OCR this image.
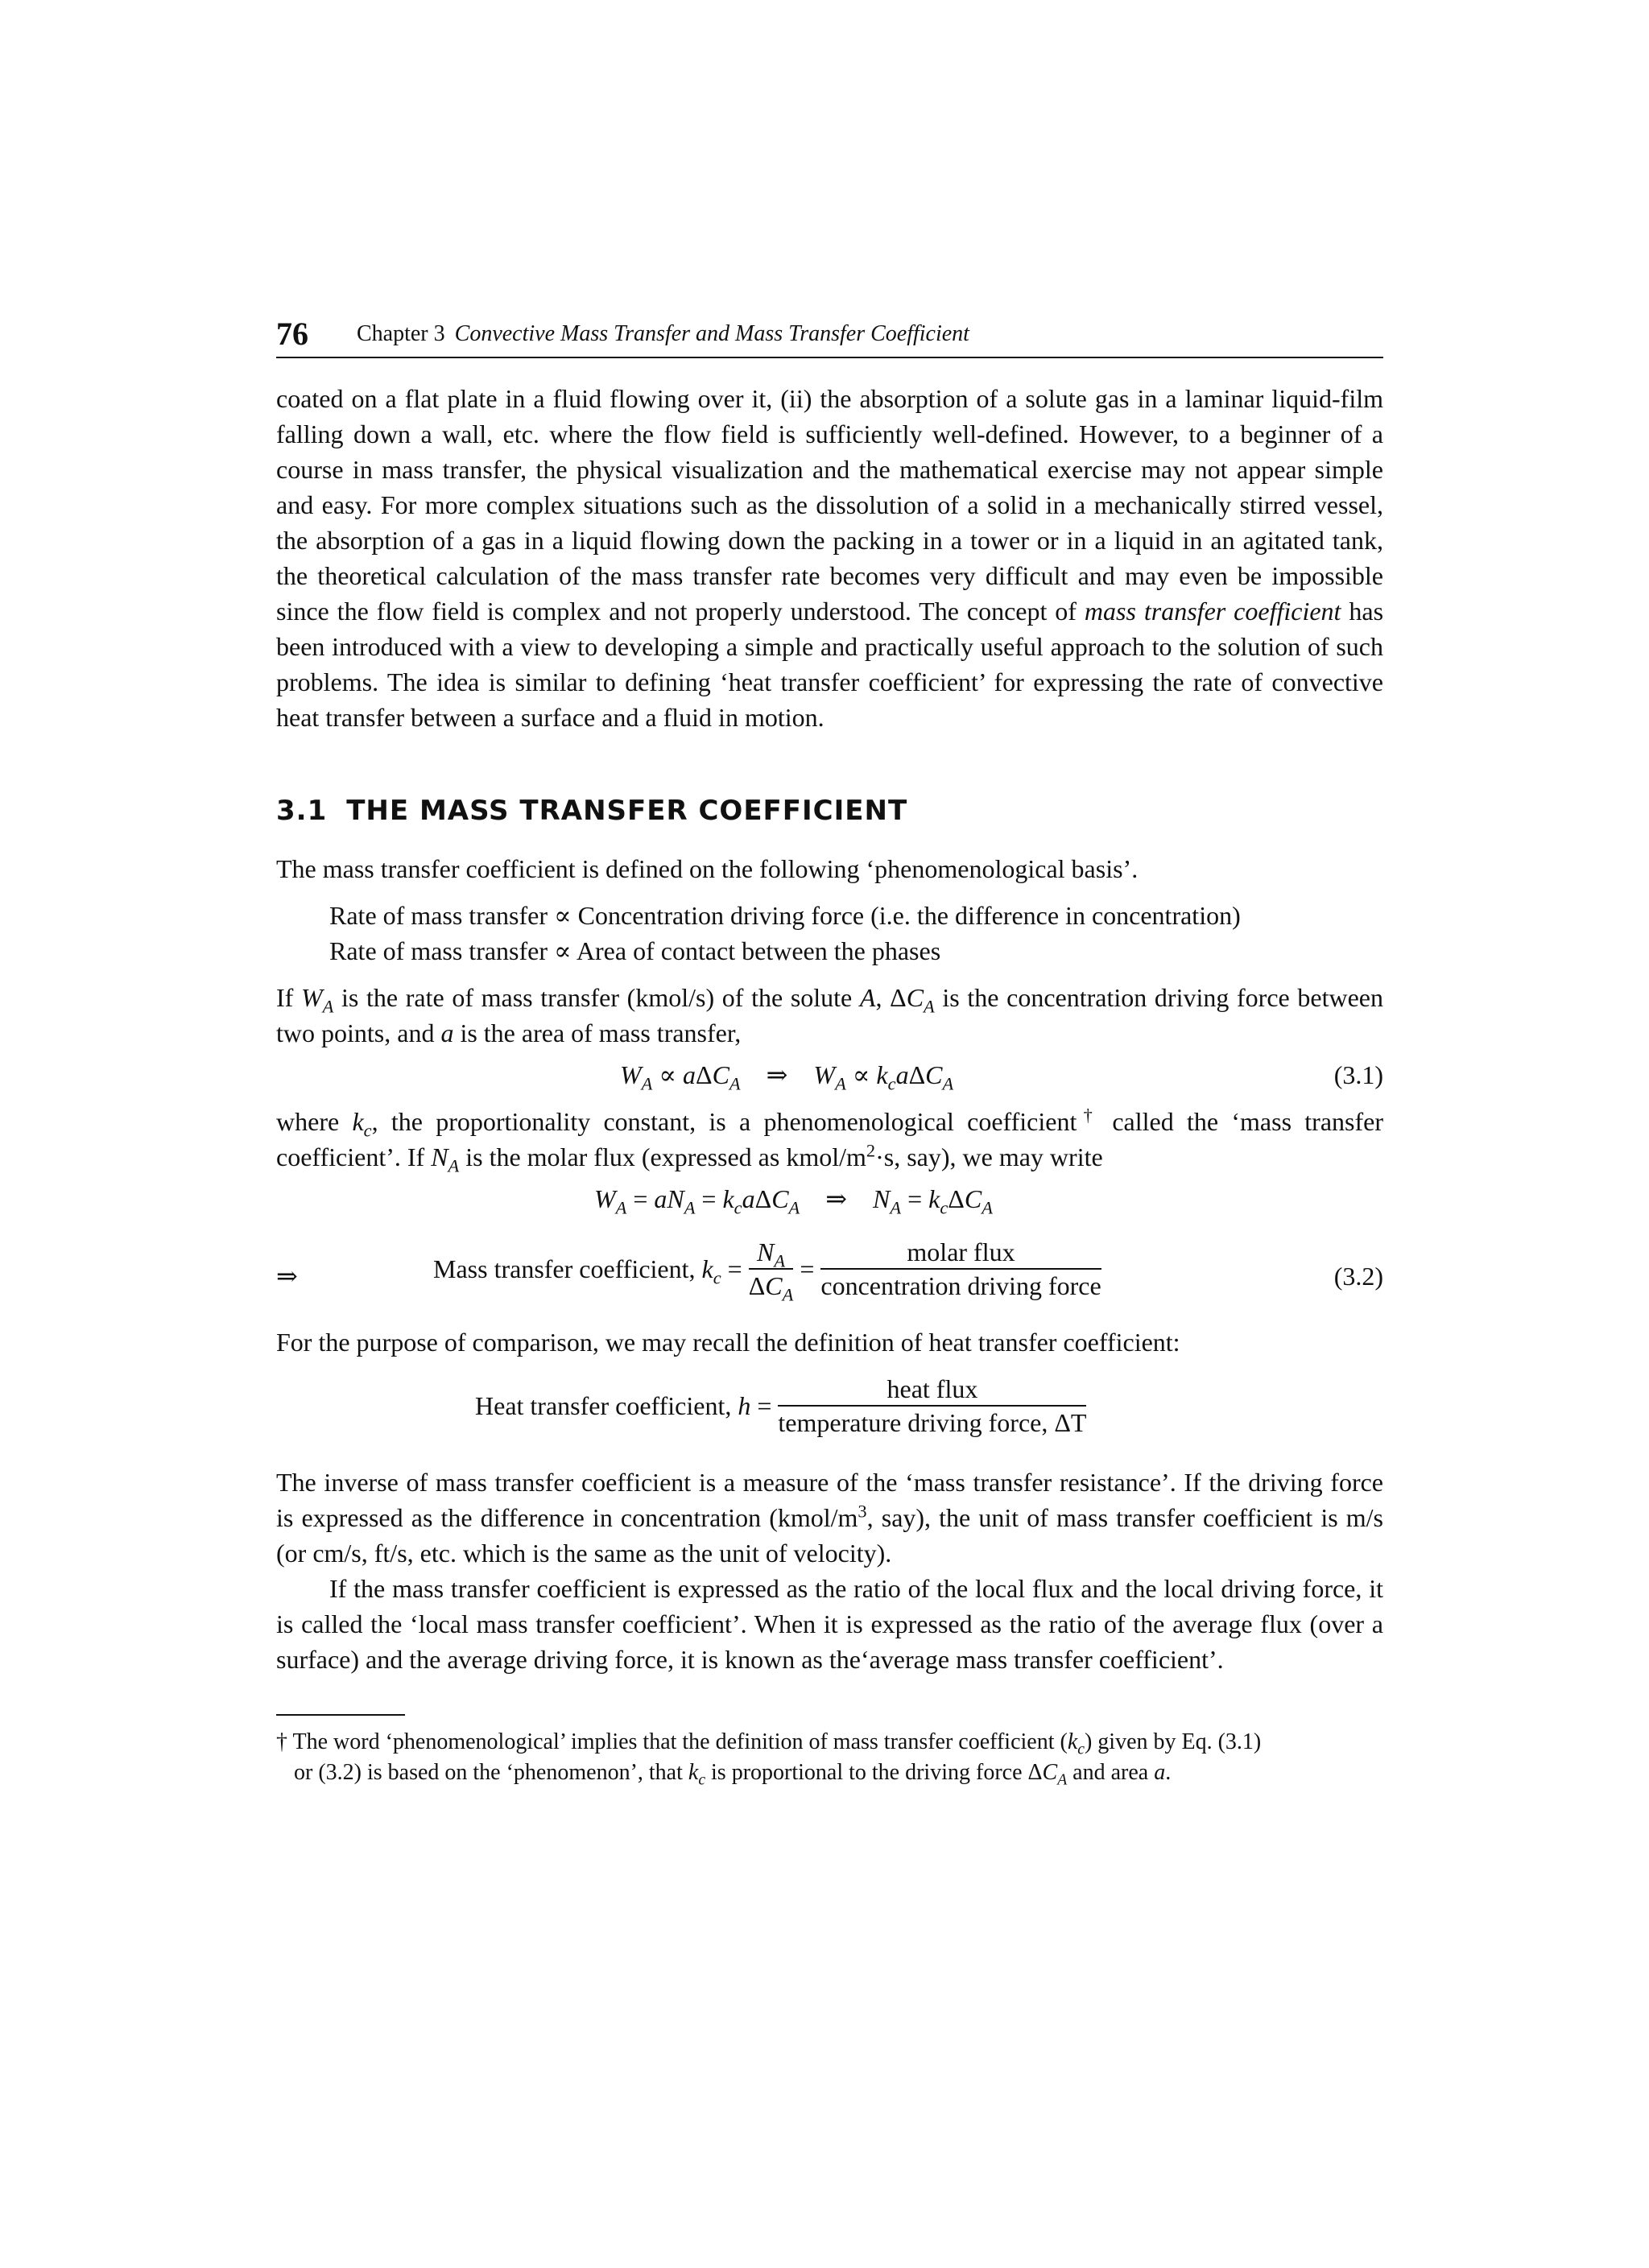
76 Chapter 3 Convective Mass Transfer and Mass Transfer Coefficient

coated on a flat plate in a fluid flowing over it, (ii) the absorption of a solute gas in a laminar liquid-film falling down a wall, etc. where the flow field is sufficiently well-defined. However, to a beginner of a course in mass transfer, the physical visualization and the mathematical exercise may not appear simple and easy. For more complex situations such as the dissolution of a solid in a mechanically stirred vessel, the absorption of a gas in a liquid flowing down the packing in a tower or in a liquid in an agitated tank, the theoretical calculation of the mass transfer rate becomes very difficult and may even be impossible since the flow field is complex and not properly understood. The concept of mass transfer coefficient has been introduced with a view to developing a simple and practically useful approach to the solution of such problems. The idea is similar to defining ‘heat transfer coefficient’ for expressing the rate of convective heat transfer between a surface and a fluid in motion.

3.1 THE MASS TRANSFER COEFFICIENT

The mass transfer coefficient is defined on the following ‘phenomenological basis’.

Rate of mass transfer ∝ Concentration driving force (i.e. the difference in concentration)
Rate of mass transfer ∝ Area of contact between the phases

If $W_A$ is the rate of mass transfer (kmol/s) of the solute A, $\Delta C_A$ is the concentration driving force between two points, and a is the area of mass transfer,

$W_A \propto a\Delta C_A$    ⇒    $W_A \propto k_ca\Delta C_A$	(3.1)

where $k_c$, the proportionality constant, is a phenomenological coefficient† called the ‘mass transfer coefficient’. If $N_A$ is the molar flux (expressed as kmol/$m^2\cdot s$, say), we may write

$W_A = aN_A = k_ca\Delta C_A$    ⇒    $N_A = k_c\Delta C_A$
⇒	Mass transfer coefficient, $k_c = \frac{N_A}{\Delta C_A} = \frac{\text{molar flux}}{\text{concentration driving force}}$	(3.2)

For the purpose of comparison, we may recall the definition of heat transfer coefficient:

Heat transfer coefficient, $h = \frac{\text{heat flux}}{\text{temperature driving force, ΔT}}$

The inverse of mass transfer coefficient is a measure of the ‘mass transfer resistance’. If the driving force is expressed as the difference in concentration ($kmol/m^3$, say), the unit of mass transfer coefficient is m/s (or cm/s, ft/s, etc. which is the same as the unit of velocity).

If the mass transfer coefficient is expressed as the ratio of the local flux and the local driving force, it is called the ‘local mass transfer coefficient’. When it is expressed as the ratio of the average flux (over a surface) and the average driving force, it is known as the‘average mass transfer coefficient’.

† The word ‘phenomenological’ implies that the definition of mass transfer coefficient $(k_c)$ given by Eq. (3.1)
or (3.2) is based on the ‘phenomenon’, that $k_c$ is proportional to the driving force $\Delta C_A$ and area a.
